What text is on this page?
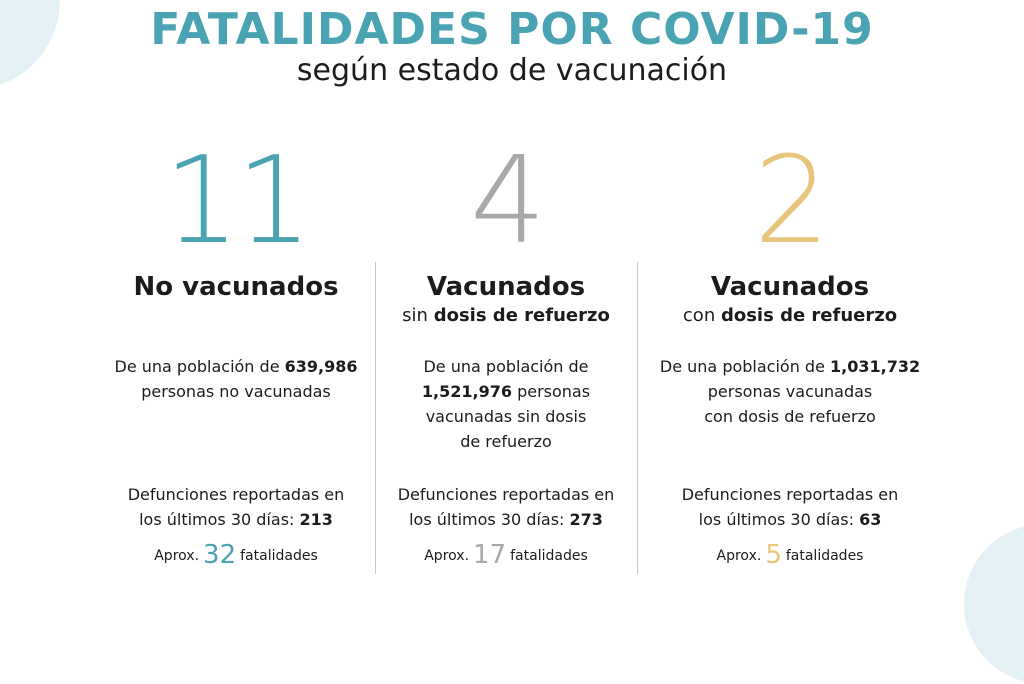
FATALIDADES POR COVID-19
según estado de vacunación
11
No vacunados
De una población de 639,986
personas no vacunadas
Defunciones reportadas en
los últimos 30 días: 213
Aprox. 32 fatalidades
4
Vacunados
sin dosis de refuerzo
De una población de
1,521,976 personas
vacunadas sin dosis
de refuerzo
Defunciones reportadas en
los últimos 30 días: 273
Aprox. 17 fatalidades
2
Vacunados
con dosis de refuerzo
De una población de 1,031,732
personas vacunadas
con dosis de refuerzo
Defunciones reportadas en
los últimos 30 días: 63
Aprox. 5 fatalidades
